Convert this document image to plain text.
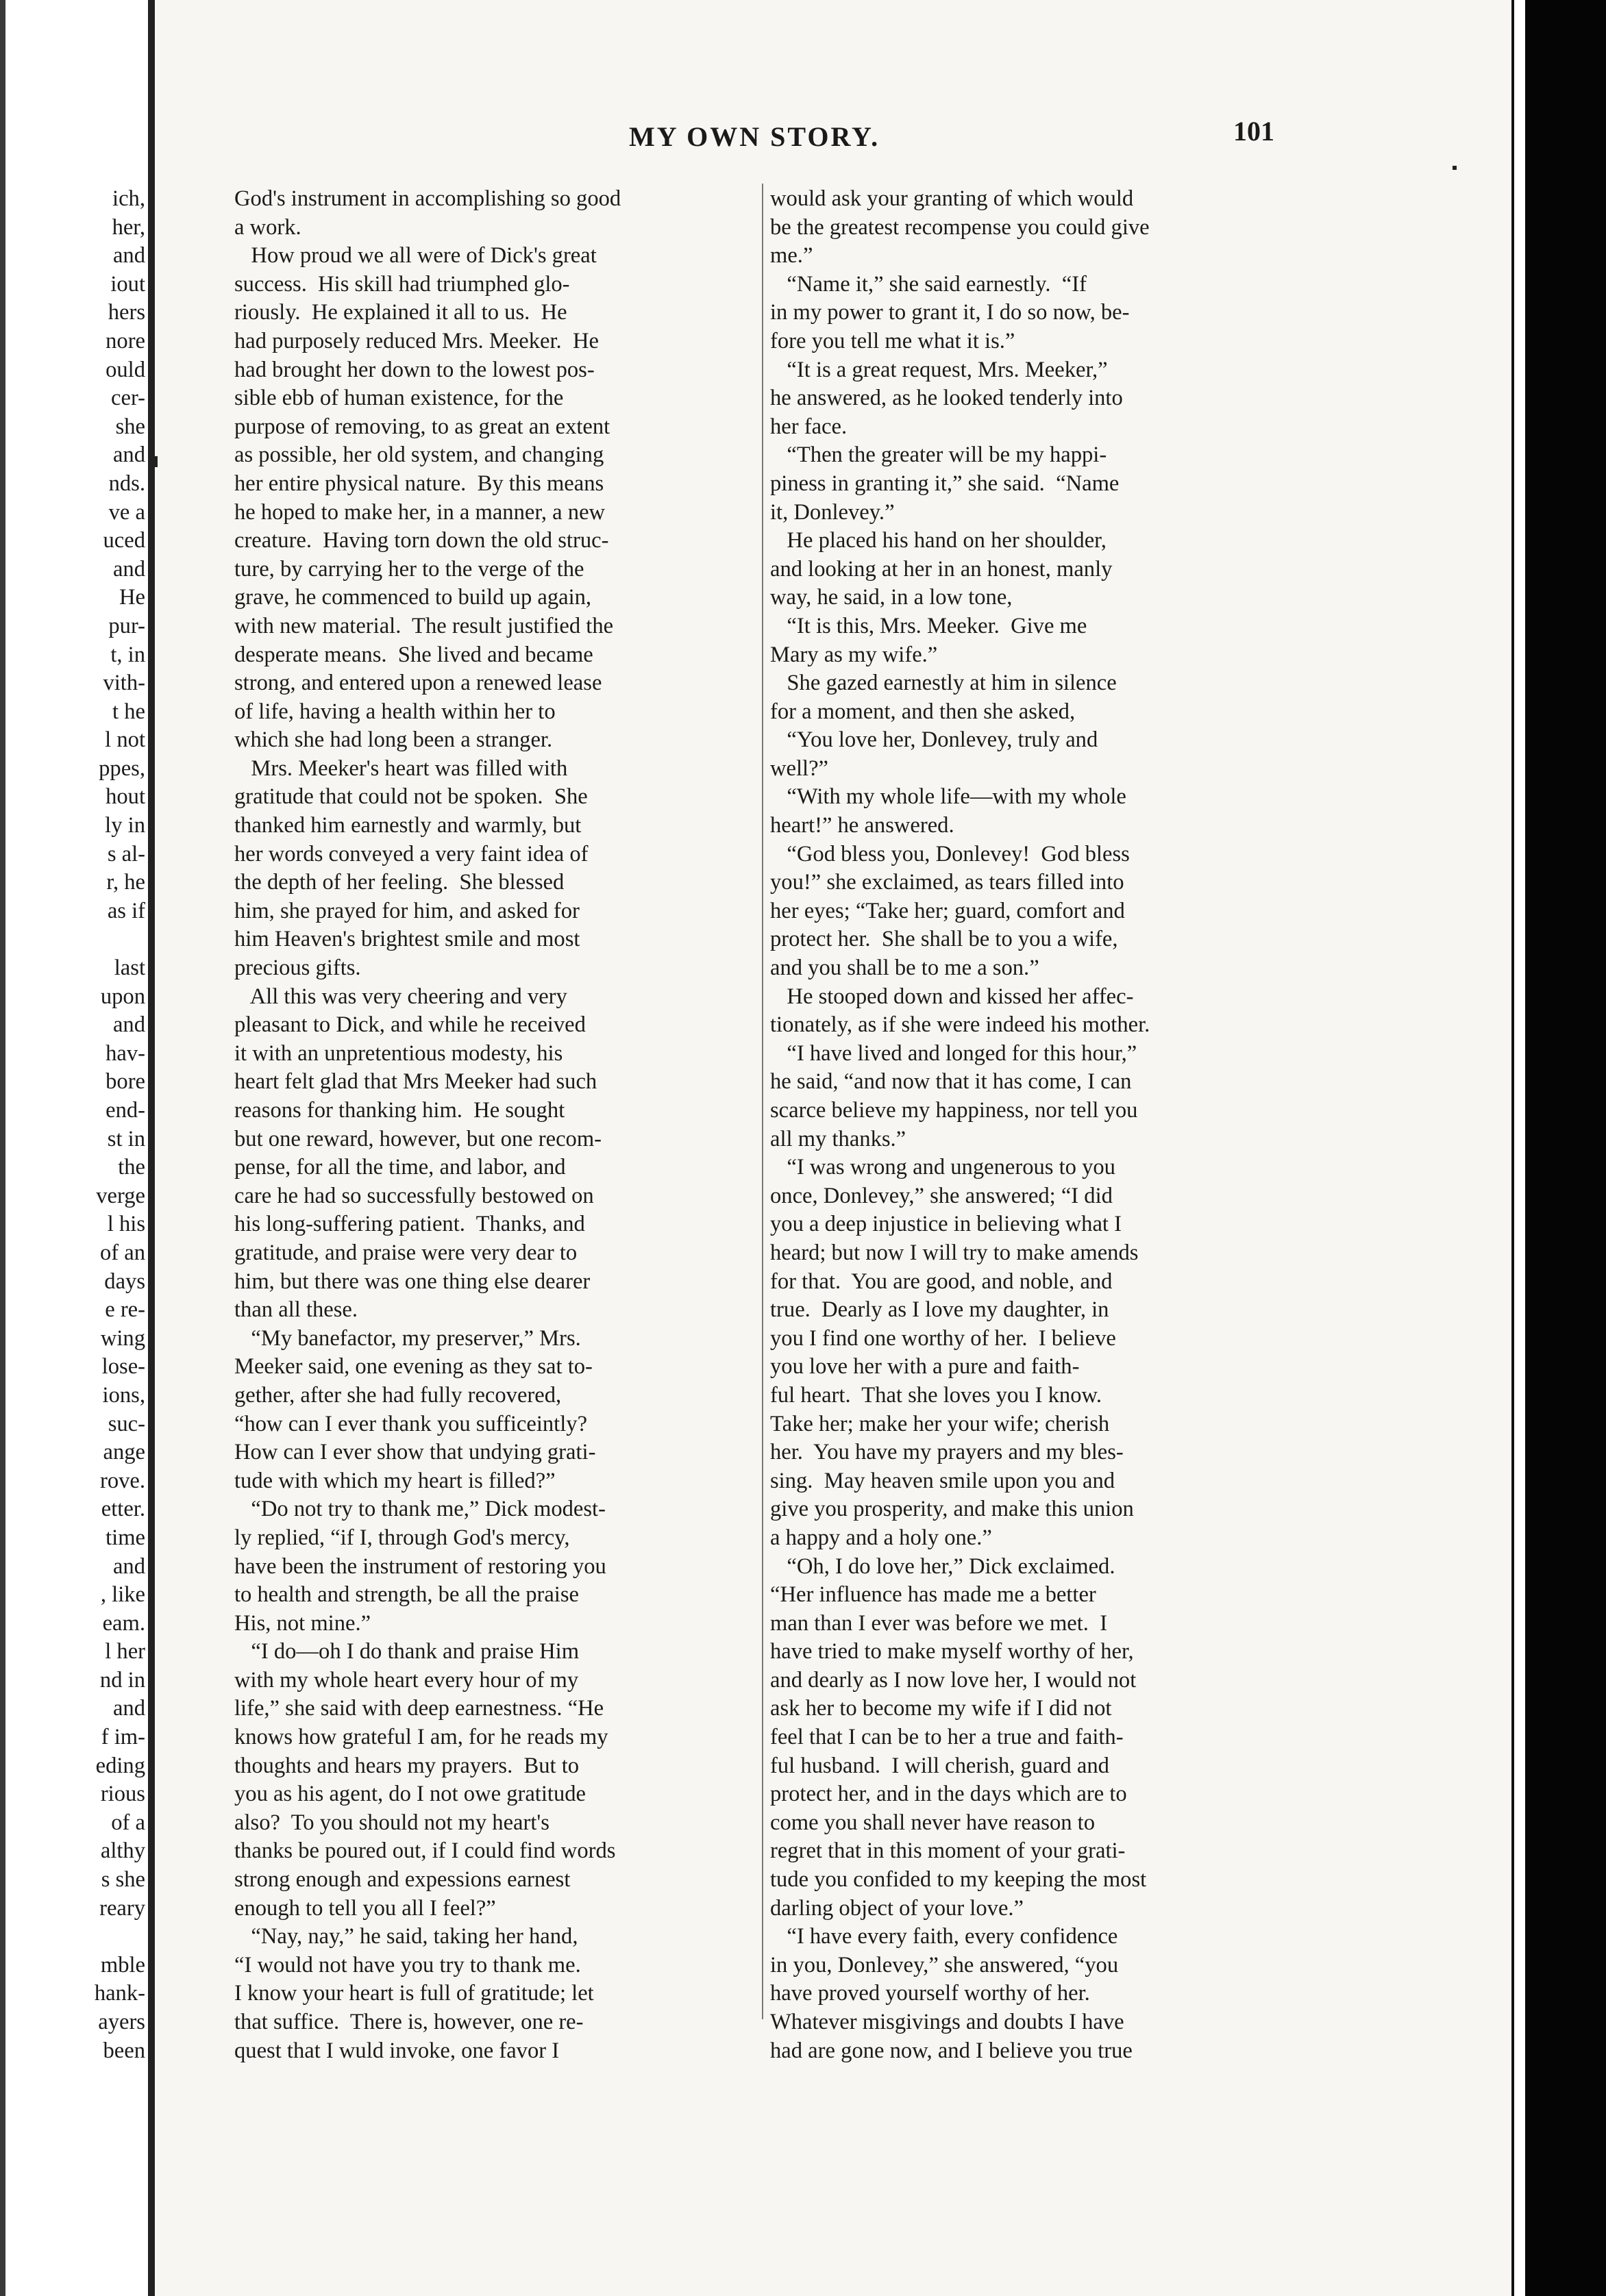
ich,
her,
and
iout
hers
nore
ould
cer-
she
and
nds.
ve a
uced
and
He
pur-
t, in
vith-
t he
l not
ppes,
hout
ly in
s al-
r, he
as if
last
upon
and
hav-
bore
end-
st in
the
verge
l his
of an
days
e re-
wing
lose-
ions,
suc-
ange
rove.
etter.
time
and
, like
eam.
l her
nd in
and
f im-
eding
rious
of a
althy
s she
reary
mble
hank-
ayers
been
MY OWN STORY.	101
God's instrument in accomplishing so good
a work.
How proud we all were of Dick's great
success.  His skill had triumphed glo-
riously.  He explained it all to us.  He
had purposely reduced Mrs. Meeker.  He
had brought her down to the lowest pos-
sible ebb of human existence, for the
purpose of removing, to as great an extent
as possible, her old system, and changing
her entire physical nature.  By this means
he hoped to make her, in a manner, a new
creature.  Having torn down the old struc-
ture, by carrying her to the verge of the
grave, he commenced to build up again,
with new material.  The result justified the
desperate means.  She lived and became
strong, and entered upon a renewed lease
of life, having a health within her to
which she had long been a stranger.
Mrs. Meeker's heart was filled with
gratitude that could not be spoken.  She
thanked him earnestly and warmly, but
her words conveyed a very faint idea of
the depth of her feeling.  She blessed
him, she prayed for him, and asked for
him Heaven's brightest smile and most
precious gifts.
All this was very cheering and very
pleasant to Dick, and while he received
it with an unpretentious modesty, his
heart felt glad that Mrs Meeker had such
reasons for thanking him.  He sought
but one reward, however, but one recom-
pense, for all the time, and labor, and
care he had so successfully bestowed on
his long-suffering patient.  Thanks, and
gratitude, and praise were very dear to
him, but there was one thing else dearer
than all these.
“My banefactor, my preserver,” Mrs.
Meeker said, one evening as they sat to-
gether, after she had fully recovered,
“how can I ever thank you sufficeintly?
How can I ever show that undying grati-
tude with which my heart is filled?”
“Do not try to thank me,” Dick modest-
ly replied, “if I, through God's mercy,
have been the instrument of restoring you
to health and strength, be all the praise
His, not mine.”
“I do—oh I do thank and praise Him
with my whole heart every hour of my
life,” she said with deep earnestness. “He
knows how grateful I am, for he reads my
thoughts and hears my prayers.  But to
you as his agent, do I not owe gratitude
also?  To you should not my heart's
thanks be poured out, if I could find words
strong enough and expessions earnest
enough to tell you all I feel?”
“Nay, nay,” he said, taking her hand,
“I would not have you try to thank me.
I know your heart is full of gratitude; let
that suffice.  There is, however, one re-
quest that I wuld invoke, one favor I
would ask your granting of which would
be the greatest recompense you could give
me.”
“Name it,” she said earnestly.  “If
in my power to grant it, I do so now, be-
fore you tell me what it is.”
“It is a great request, Mrs. Meeker,”
he answered, as he looked tenderly into
her face.
“Then the greater will be my happi-
piness in granting it,” she said.  “Name
it, Donlevey.”
He placed his hand on her shoulder,
and looking at her in an honest, manly
way, he said, in a low tone,
“It is this, Mrs. Meeker.  Give me
Mary as my wife.”
She gazed earnestly at him in silence
for a moment, and then she asked,
“You love her, Donlevey, truly and
well?”
“With my whole life—with my whole
heart!” he answered.
“God bless you, Donlevey!  God bless
you!” she exclaimed, as tears filled into
her eyes; “Take her; guard, comfort and
protect her.  She shall be to you a wife,
and you shall be to me a son.”
He stooped down and kissed her affec-
tionately, as if she were indeed his mother.
“I have lived and longed for this hour,”
he said, “and now that it has come, I can
scarce believe my happiness, nor tell you
all my thanks.”
“I was wrong and ungenerous to you
once, Donlevey,” she answered; “I did
you a deep injustice in believing what I
heard; but now I will try to make amends
for that.  You are good, and noble, and
true.  Dearly as I love my daughter, in
you I find one worthy of her.  I believe
you love her with a pure and faith-
ful heart.  That she loves you I know.
Take her; make her your wife; cherish
her.  You have my prayers and my bles-
sing.  May heaven smile upon you and
give you prosperity, and make this union
a happy and a holy one.”
“Oh, I do love her,” Dick exclaimed.
“Her influence has made me a better
man than I ever was before we met.  I
have tried to make myself worthy of her,
and dearly as I now love her, I would not
ask her to become my wife if I did not
feel that I can be to her a true and faith-
ful husband.  I will cherish, guard and
protect her, and in the days which are to
come you shall never have reason to
regret that in this moment of your grati-
tude you confided to my keeping the most
darling object of your love.”
“I have every faith, every confidence
in you, Donlevey,” she answered, “you
have proved yourself worthy of her.
Whatever misgivings and doubts I have
had are gone now, and I believe you true
